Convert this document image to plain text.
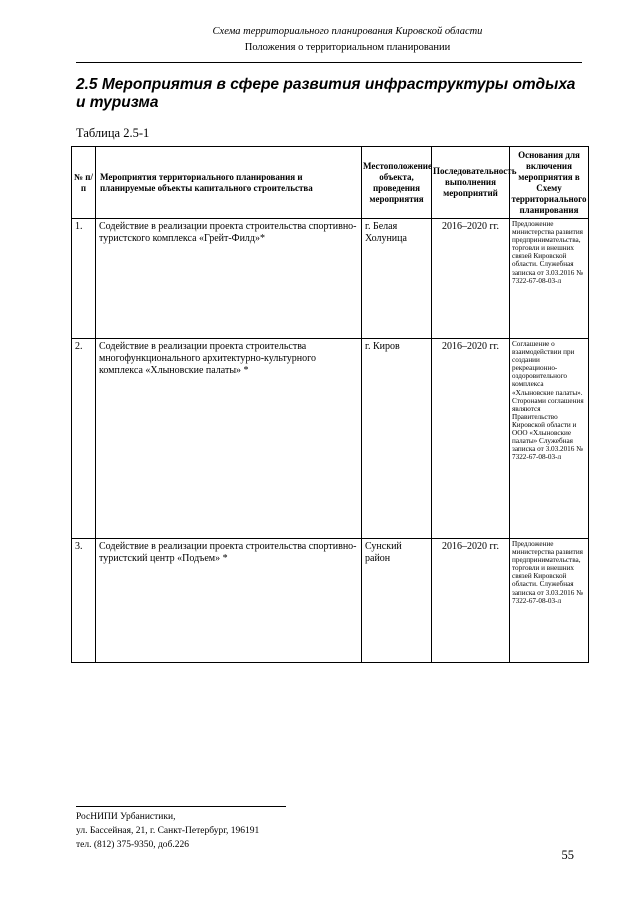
Схема территориального планирования Кировской области
Положения о территориальном планировании
2.5 Мероприятия в сфере развития инфраструктуры отдыха и туризма
Таблица 2.5-1
№ п/п	Мероприятия территориального планирования и планируемые объекты капитального строительства	Местоположение объекта, проведения мероприятия	Последовательность выполнения мероприятий	Основания для включения мероприятия в Схему территориального планирования
1.	Содействие в реализации проекта строительства спортивно-туристского комплекса «Грейт-Филд»*	г. Белая Холуница	2016–2020 гг.	Предложение министерства развития предпринимательства, торговли и внешних связей Кировской области. Служебная записка от 3.03.2016 № 7322-67-08-03-л
2.	Содействие в реализации проекта строительства многофункционального архитектурно-культурного комплекса «Хлыновские палаты» *	г. Киров	2016–2020 гг.	Соглашение о взаимодействии при создании рекреационно-оздоровительного комплекса «Хлыновские палаты». Сторонами соглашения являются Правительство Кировской области и ООО «Хлыновские палаты» Служебная записка от 3.03.2016 № 7322-67-08-03-л
3.	Содействие в реализации проекта строительства спортивно-туристский центр «Подъем» *	Сунский район	2016–2020 гг.	Предложение министерства развития предпринимательства, торговли и внешних связей Кировской области. Служебная записка от 3.03.2016 № 7322-67-08-03-л
РосНИПИ Урбанистики,
ул. Бассейная, 21, г. Санкт-Петербург, 196191
тел. (812) 375-9350, доб.226
55
